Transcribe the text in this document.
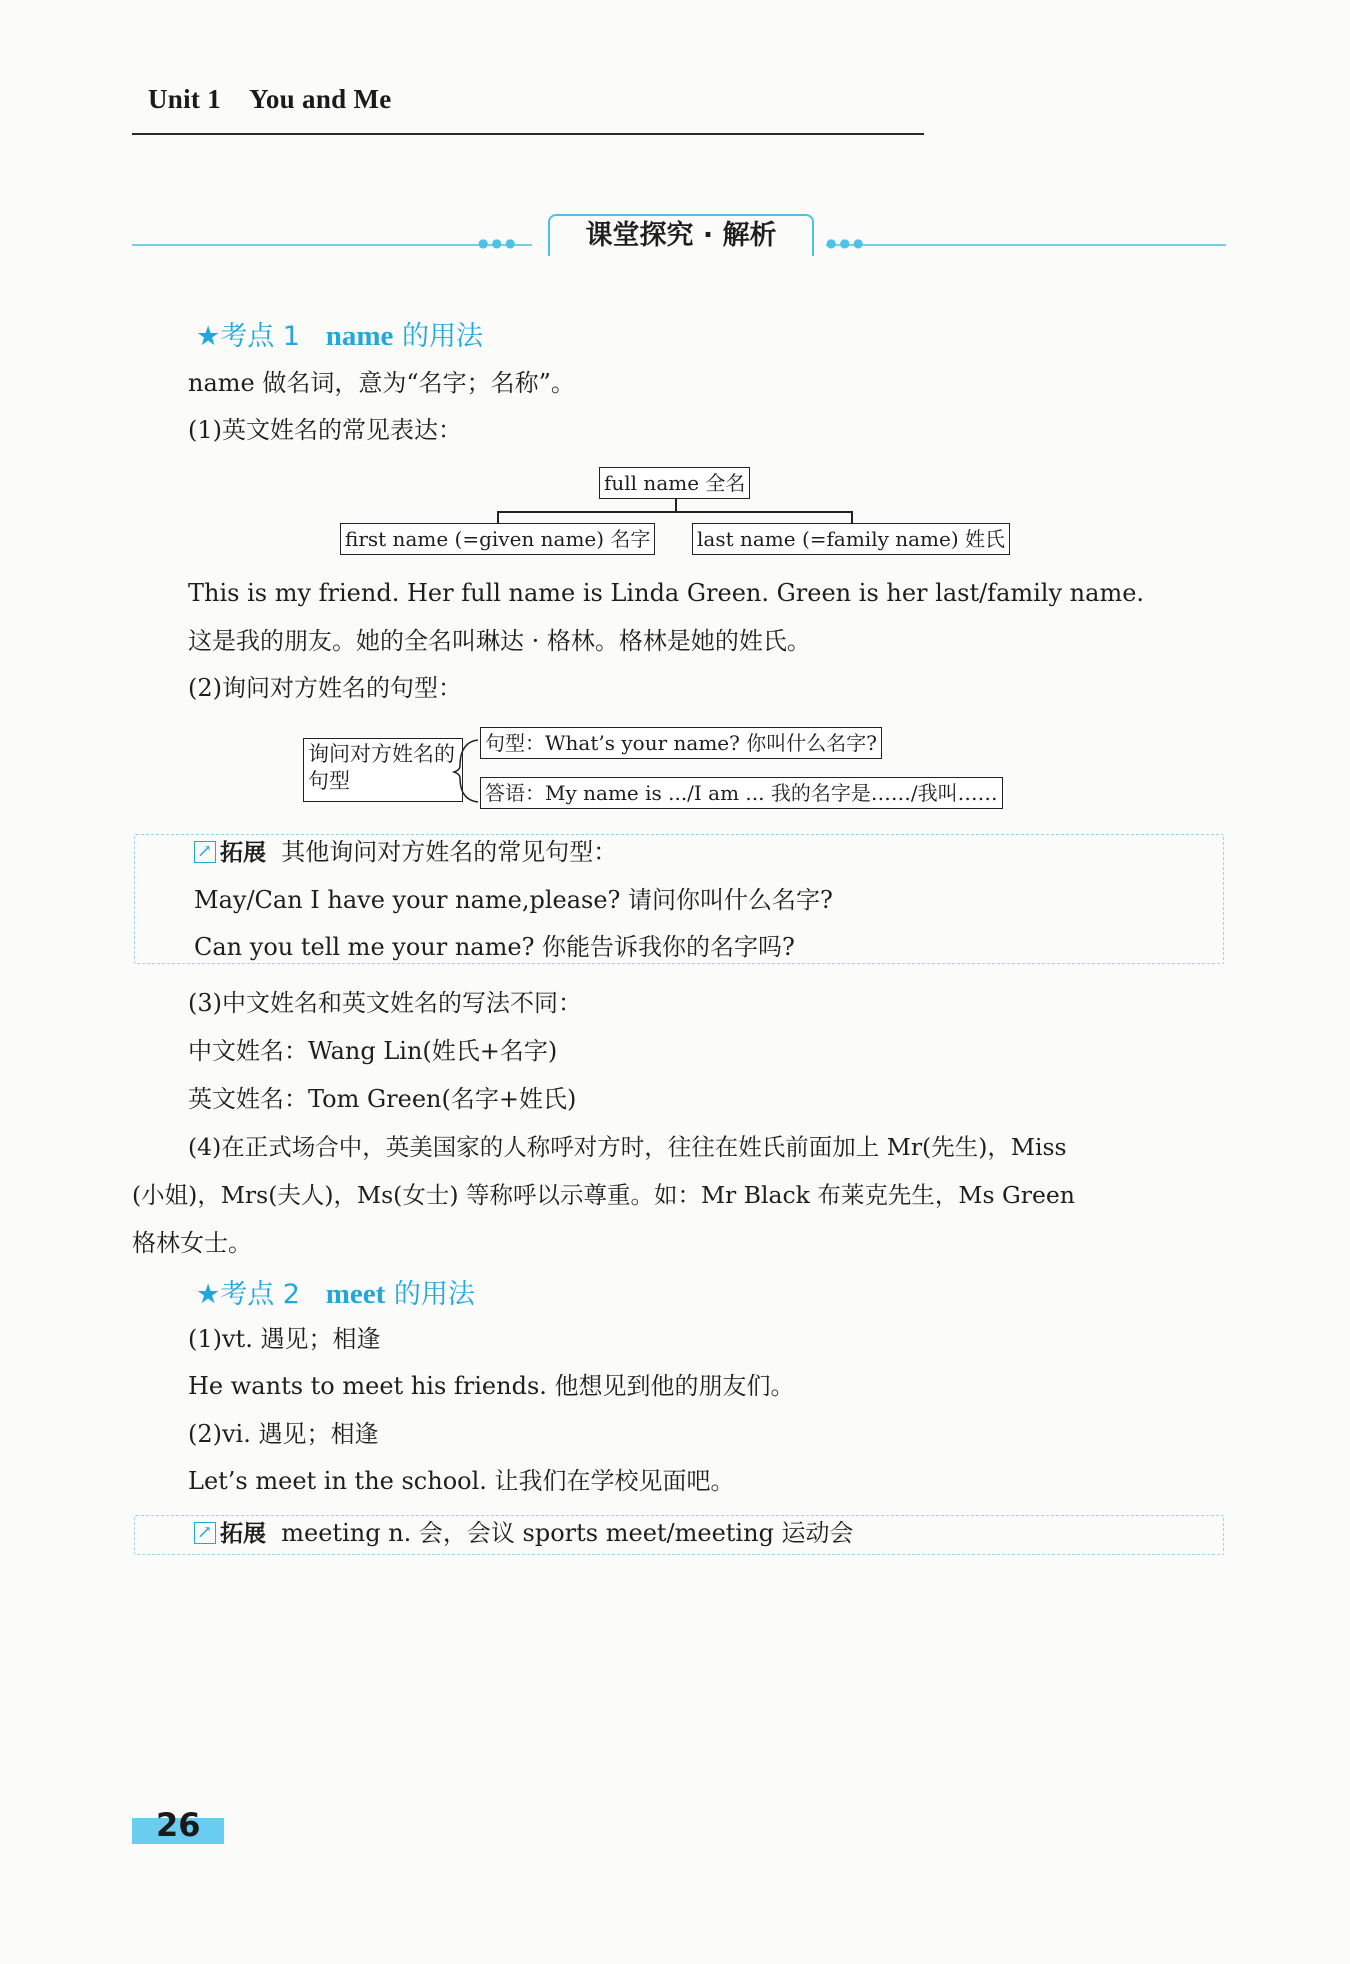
Unit 1 You and Me
●●●	●●●
课堂探究 · 解析
★考点 1 name 的用法
name 做名词，意为“名字；名称”。
(1)英文姓名的常见表达：
full name 全名
first name (=given name) 名字 last name (=family name) 姓氏
This is my friend. Her full name is Linda Green. Green is her last/family name.
这是我的朋友。她的全名叫琳达 · 格林。格林是她的姓氏。
(2)询问对方姓名的句型：
询问对方姓名的句型
句型：What’s your name? 你叫什么名字?
答语：My name is .../I am ... 我的名字是……/我叫……
↗拓展 其他询问对方姓名的常见句型：
May/Can I have your name,please? 请问你叫什么名字?
Can you tell me your name? 你能告诉我你的名字吗?
(3)中文姓名和英文姓名的写法不同：
中文姓名：Wang Lin(姓氏+名字)
英文姓名：Tom Green(名字+姓氏)
(4)在正式场合中，英美国家的人称呼对方时，往往在姓氏前面加上 Mr(先生)，Miss
(小姐)，Mrs(夫人)，Ms(女士) 等称呼以示尊重。如：Mr Black 布莱克先生，Ms Green
格林女士。
★考点 2 meet 的用法
(1)vt. 遇见；相逢
He wants to meet his friends. 他想见到他的朋友们。
(2)vi. 遇见；相逢
Let’s meet in the school. 让我们在学校见面吧。
↗拓展 meeting n. 会，会议 sports meet/meeting 运动会
26
